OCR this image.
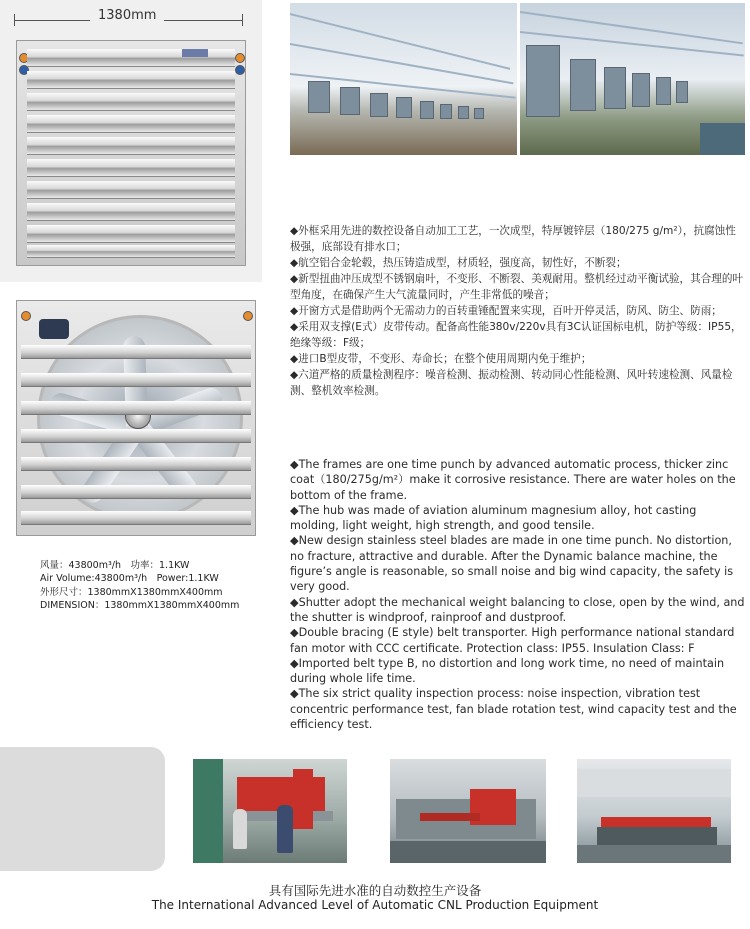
1380mm
风量：43800m³/h　功率：1.1KW
Air Volume:43800m³/h　Power:1.1KW
外形尺寸：1380mmX1380mmX400mm
DIMENSION：1380mmX1380mmX400mm

◆外框采用先进的数控设备自动加工工艺，一次成型，特厚镀锌层（180/275 g/m²），抗腐蚀性极强，底部设有排水口；

◆航空铝合金轮毂，热压铸造成型，材质轻，强度高，韧性好，不断裂；

◆新型扭曲冲压成型不锈钢扇叶，不变形、不断裂、美观耐用。整机经过动平衡试验，其合理的叶型角度，在确保产生大气流量同时，产生非常低的噪音；

◆开窗方式是借助两个无需动力的百转重锤配置来实现，百叶开停灵活，防风、防尘、防雨；

◆采用双支撑(E式）皮带传动。配备高性能380v/220v具有3C认证国标电机，防护等级：IP55，绝缘等级：F级；

◆进口B型皮带，不变形、寿命长；在整个使用周期内免于维护；

◆六道严格的质量检测程序：噪音检测、振动检测、转动同心性能检测、风叶转速检测、风量检测、整机效率检测。

◆The frames are one time punch by advanced automatic process, thicker zinc coat（180/275g/m²）make it corrosive resistance. There are water holes on the bottom of the frame.

◆The hub was made of aviation aluminum magnesium alloy, hot casting molding, light weight, high strength, and good tensile.

◆New design stainless steel blades are made in one time punch. No distortion, no fracture, attractive and durable. After the Dynamic balance machine, the figure’s angle is reasonable, so small noise and big wind capacity, the safety is very good.

◆Shutter adopt the mechanical weight balancing to close, open by the wind, and the shutter is windproof, rainproof and dustproof.

◆Double bracing (E style) belt transporter. High performance national standard fan motor with CCC certificate. Protection class: IP55. Insulation Class: F

◆Imported belt type B, no distortion and long work time, no need of maintain during whole life time.

◆The six strict quality inspection process: noise inspection, vibration test concentric performance test, fan blade rotation test, wind capacity test and the efficiency test.

具有国际先进水准的自动数控生产设备
The International Advanced Level of Automatic CNL Production Equipment
